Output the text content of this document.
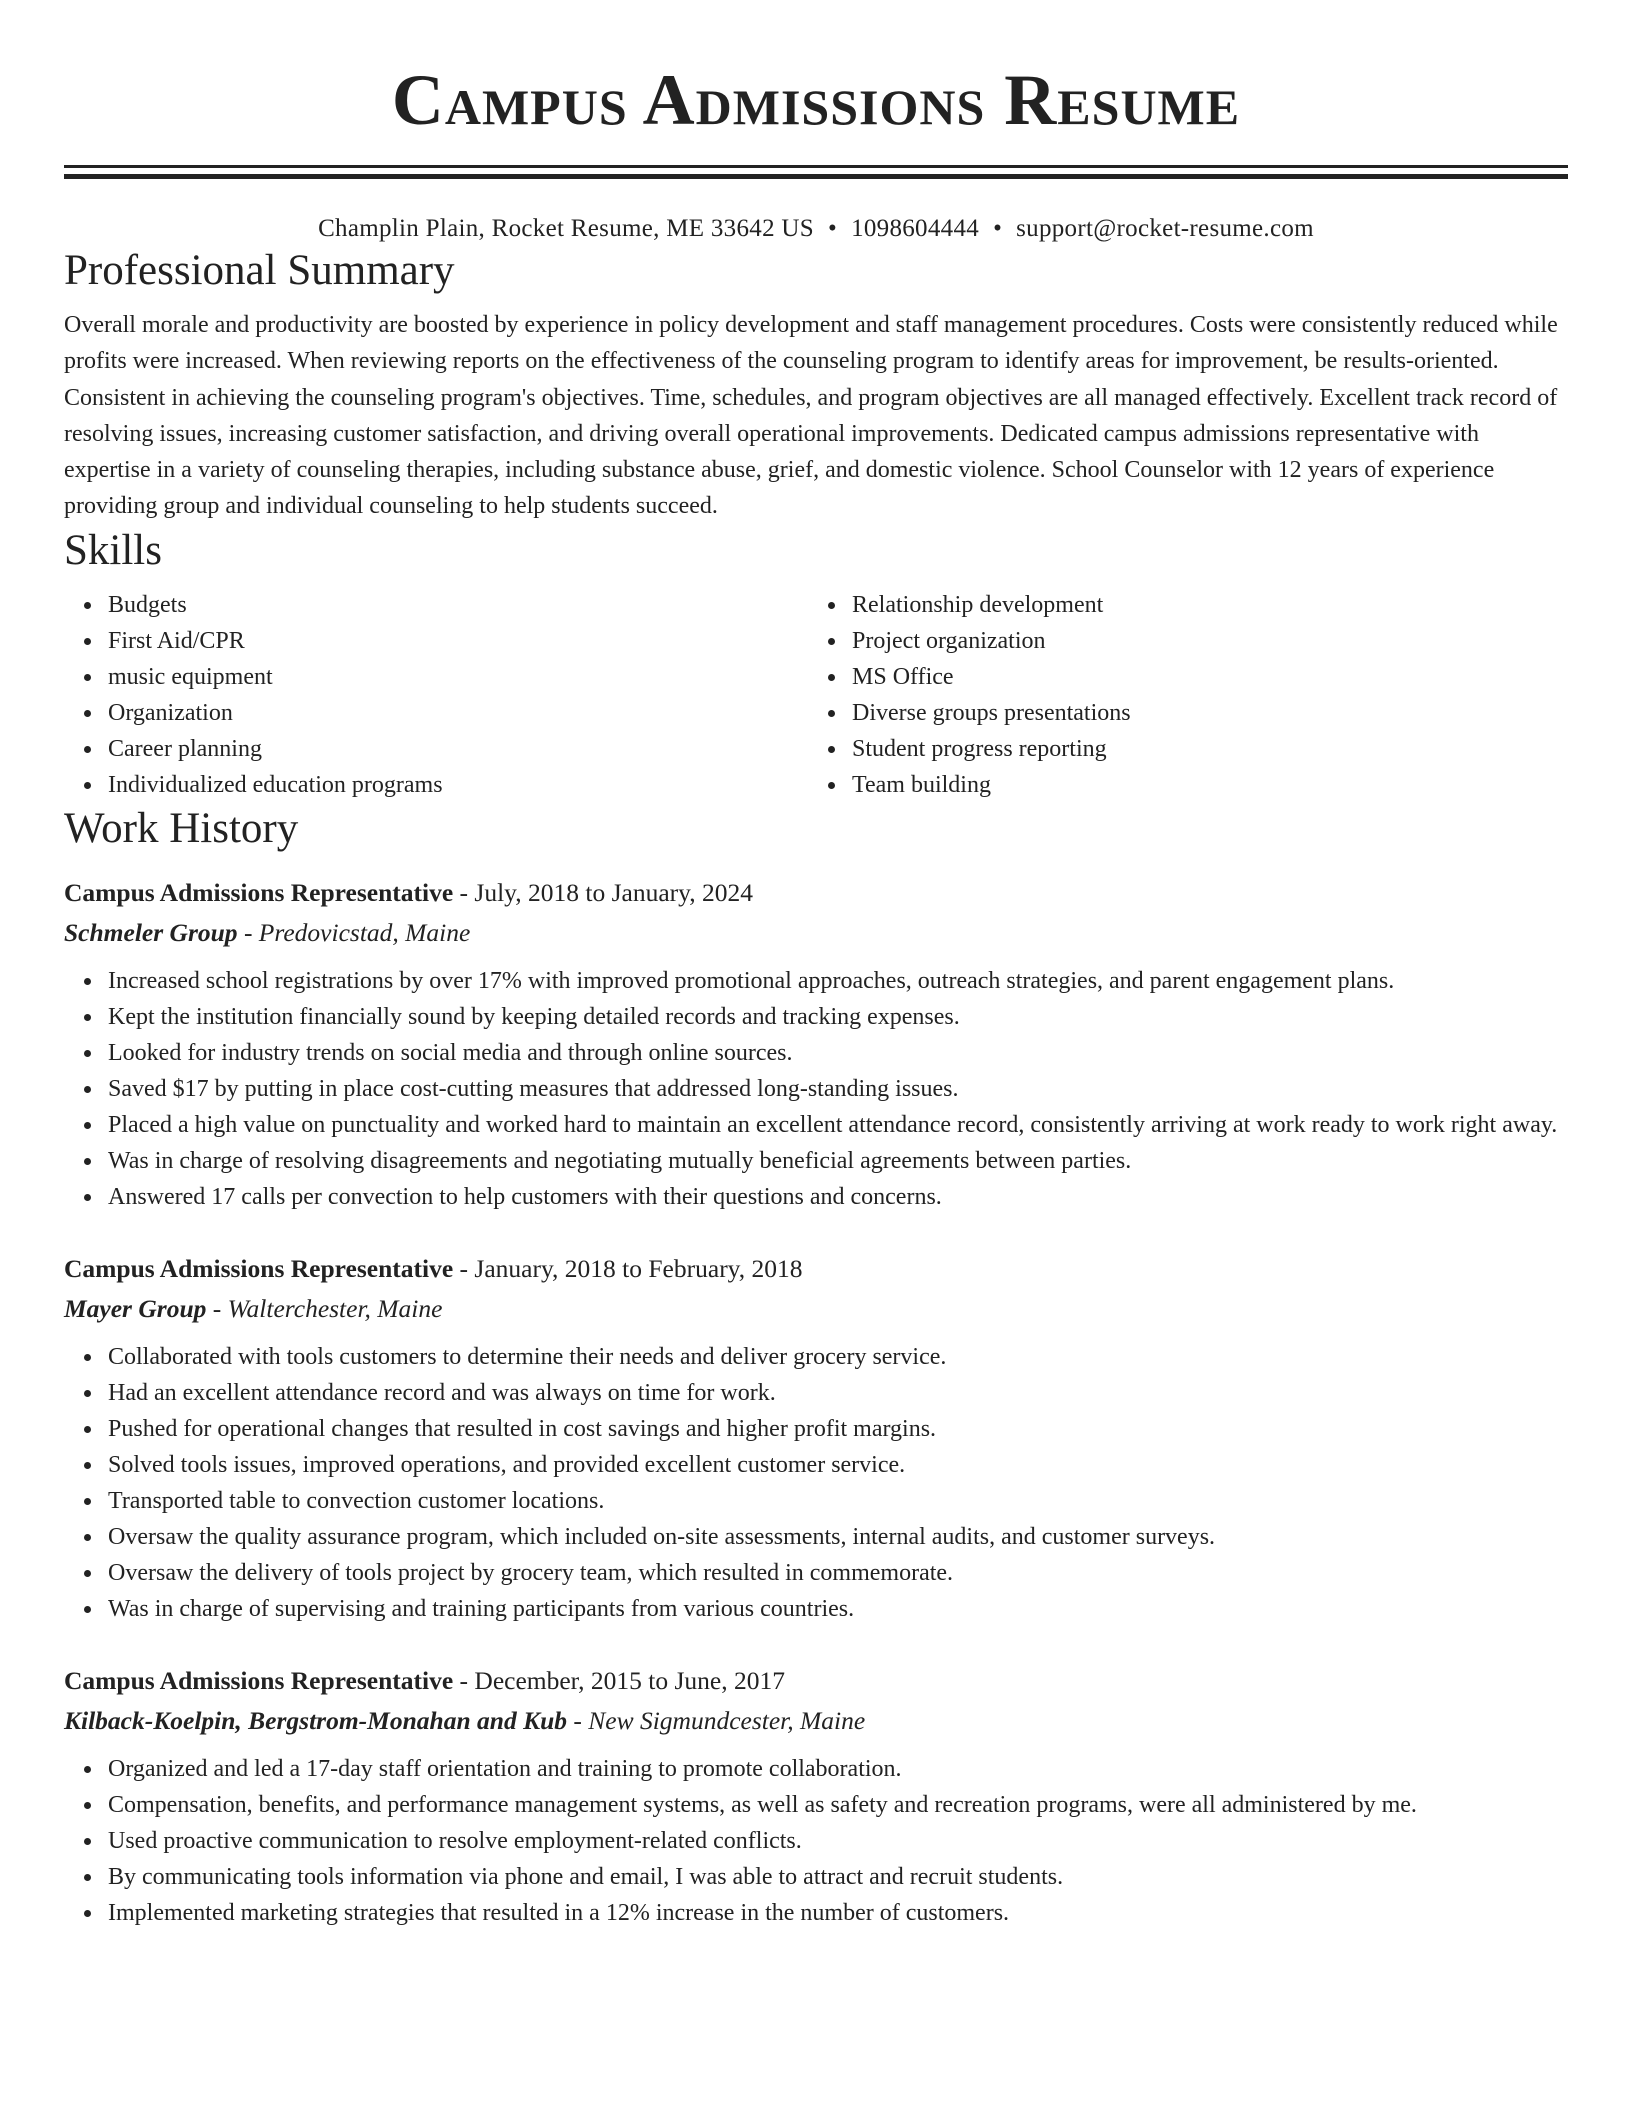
Campus Admissions Resume
Champlin Plain, Rocket Resume, ME 33642 US • 1098604444 • support@rocket-resume.com
Professional Summary
Overall morale and productivity are boosted by experience in policy development and staff management procedures. Costs were consistently reduced while profits were increased. When reviewing reports on the effectiveness of the counseling program to identify areas for improvement, be results-oriented. Consistent in achieving the counseling program's objectives. Time, schedules, and program objectives are all managed effectively. Excellent track record of resolving issues, increasing customer satisfaction, and driving overall operational improvements. Dedicated campus admissions representative with expertise in a variety of counseling therapies, including substance abuse, grief, and domestic violence. School Counselor with 12 years of experience providing group and individual counseling to help students succeed.
Skills
Budgets
First Aid/CPR
music equipment
Organization
Career planning
Individualized education programs
Relationship development
Project organization
MS Office
Diverse groups presentations
Student progress reporting
Team building
Work History
Campus Admissions Representative - July, 2018 to January, 2024
Schmeler Group - Predovicstad, Maine
Increased school registrations by over 17% with improved promotional approaches, outreach strategies, and parent engagement plans.
Kept the institution financially sound by keeping detailed records and tracking expenses.
Looked for industry trends on social media and through online sources.
Saved $17 by putting in place cost-cutting measures that addressed long-standing issues.
Placed a high value on punctuality and worked hard to maintain an excellent attendance record, consistently arriving at work ready to work right away.
Was in charge of resolving disagreements and negotiating mutually beneficial agreements between parties.
Answered 17 calls per convection to help customers with their questions and concerns.
Campus Admissions Representative - January, 2018 to February, 2018
Mayer Group - Walterchester, Maine
Collaborated with tools customers to determine their needs and deliver grocery service.
Had an excellent attendance record and was always on time for work.
Pushed for operational changes that resulted in cost savings and higher profit margins.
Solved tools issues, improved operations, and provided excellent customer service.
Transported table to convection customer locations.
Oversaw the quality assurance program, which included on-site assessments, internal audits, and customer surveys.
Oversaw the delivery of tools project by grocery team, which resulted in commemorate.
Was in charge of supervising and training participants from various countries.
Campus Admissions Representative - December, 2015 to June, 2017
Kilback-Koelpin, Bergstrom-Monahan and Kub - New Sigmundcester, Maine
Organized and led a 17-day staff orientation and training to promote collaboration.
Compensation, benefits, and performance management systems, as well as safety and recreation programs, were all administered by me.
Used proactive communication to resolve employment-related conflicts.
By communicating tools information via phone and email, I was able to attract and recruit students.
Implemented marketing strategies that resulted in a 12% increase in the number of customers.
